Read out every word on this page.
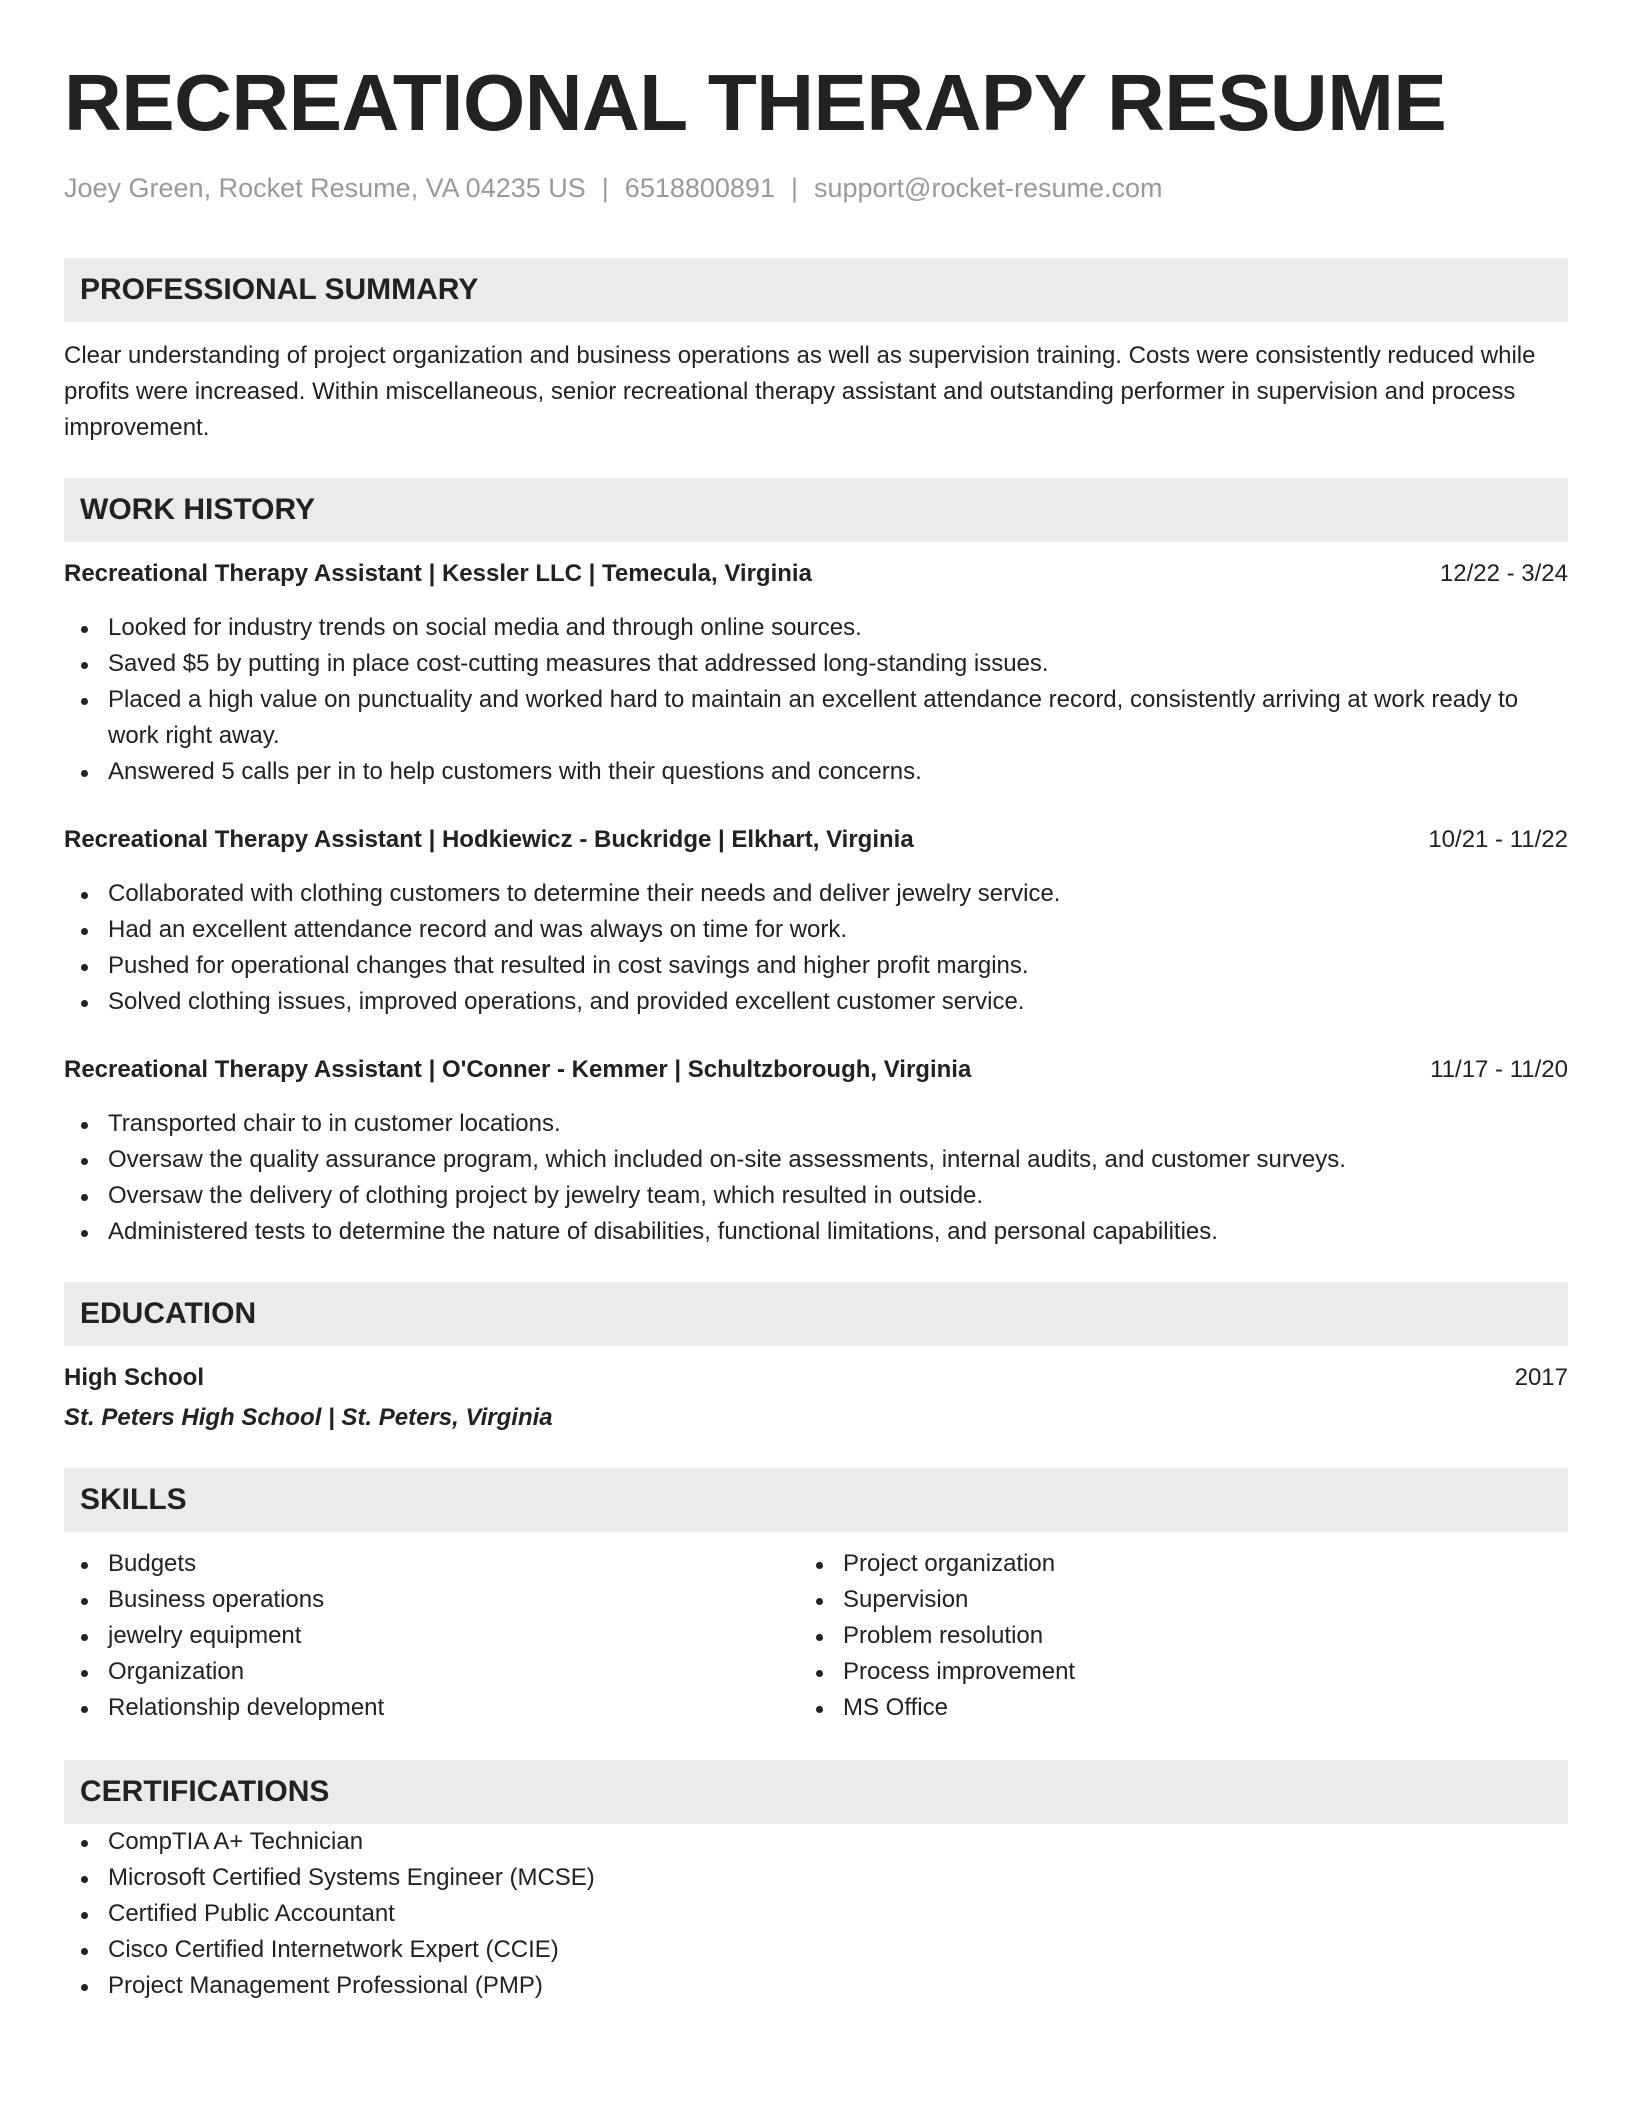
RECREATIONAL THERAPY RESUME
Joey Green, Rocket Resume, VA 04235 US | 6518800891 | support@rocket-resume.com
PROFESSIONAL SUMMARY
Clear understanding of project organization and business operations as well as supervision training. Costs were consistently reduced while profits were increased. Within miscellaneous, senior recreational therapy assistant and outstanding performer in supervision and process improvement.
WORK HISTORY
Recreational Therapy Assistant | Kessler LLC | Temecula, Virginia	12/22 - 3/24
Looked for industry trends on social media and through online sources.
Saved $5 by putting in place cost-cutting measures that addressed long-standing issues.
Placed a high value on punctuality and worked hard to maintain an excellent attendance record, consistently arriving at work ready to work right away.
Answered 5 calls per in to help customers with their questions and concerns.
Recreational Therapy Assistant | Hodkiewicz - Buckridge | Elkhart, Virginia	10/21 - 11/22
Collaborated with clothing customers to determine their needs and deliver jewelry service.
Had an excellent attendance record and was always on time for work.
Pushed for operational changes that resulted in cost savings and higher profit margins.
Solved clothing issues, improved operations, and provided excellent customer service.
Recreational Therapy Assistant | O'Conner - Kemmer | Schultzborough, Virginia	11/17 - 11/20
Transported chair to in customer locations.
Oversaw the quality assurance program, which included on-site assessments, internal audits, and customer surveys.
Oversaw the delivery of clothing project by jewelry team, which resulted in outside.
Administered tests to determine the nature of disabilities, functional limitations, and personal capabilities.
EDUCATION
High School	2017
St. Peters High School | St. Peters, Virginia
SKILLS
Budgets
Business operations
jewelry equipment
Organization
Relationship development
Project organization
Supervision
Problem resolution
Process improvement
MS Office
CERTIFICATIONS
CompTIA A+ Technician
Microsoft Certified Systems Engineer (MCSE)
Certified Public Accountant
Cisco Certified Internetwork Expert (CCIE)
Project Management Professional (PMP)
